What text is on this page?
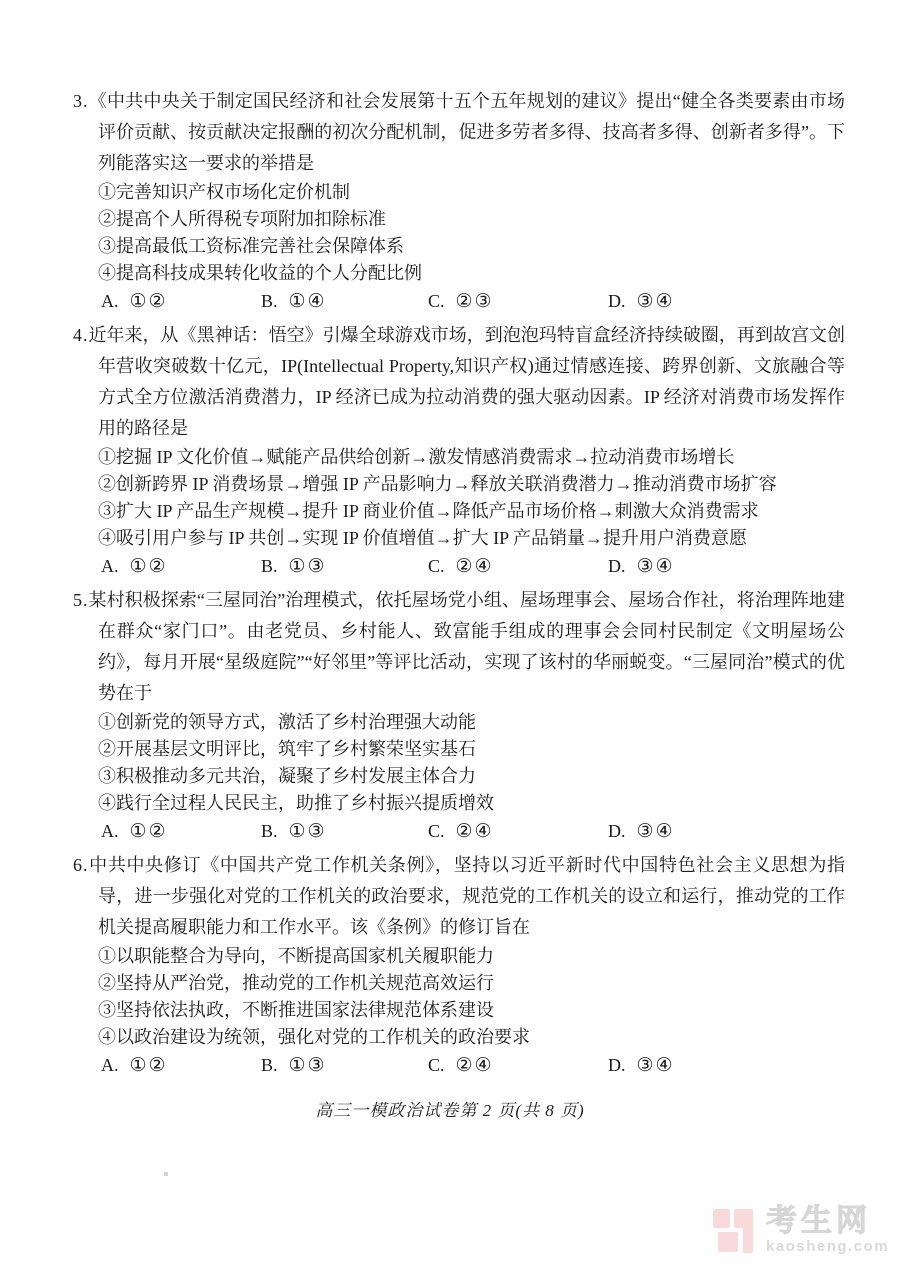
3.《中共中央关于制定国民经济和社会发展第十五个五年规划的建议》提出“健全各类要素由市场评价贡献、按贡献决定报酬的初次分配机制，促进多劳者多得、技高者多得、创新者多得”。下列能落实这一要求的举措是

①完善知识产权市场化定价机制

②提高个人所得税专项附加扣除标准

③提高最低工资标准完善社会保障体系

④提高科技成果转化收益的个人分配比例

A. ①②	B. ①④	C. ②③	D. ③④

4.近年来，从《黑神话：悟空》引爆全球游戏市场，到泡泡玛特盲盒经济持续破圈，再到故宫文创年营收突破数十亿元，IP(Intellectual Property,知识产权)通过情感连接、跨界创新、文旅融合等方式全方位激活消费潜力，IP 经济已成为拉动消费的强大驱动因素。IP 经济对消费市场发挥作用的路径是

①挖掘 IP 文化价值→赋能产品供给创新→激发情感消费需求→拉动消费市场增长

②创新跨界 IP 消费场景→增强 IP 产品影响力→释放关联消费潜力→推动消费市场扩容

③扩大 IP 产品生产规模→提升 IP 商业价值→降低产品市场价格→刺激大众消费需求

④吸引用户参与 IP 共创→实现 IP 价值增值→扩大 IP 产品销量→提升用户消费意愿

A. ①②	B. ①③	C. ②④	D. ③④

5.某村积极探索“三屋同治”治理模式，依托屋场党小组、屋场理事会、屋场合作社，将治理阵地建在群众“家门口”。由老党员、乡村能人、致富能手组成的理事会会同村民制定《文明屋场公约》，每月开展“星级庭院”“好邻里”等评比活动，实现了该村的华丽蜕变。“三屋同治”模式的优势在于

①创新党的领导方式，激活了乡村治理强大动能

②开展基层文明评比，筑牢了乡村繁荣坚实基石

③积极推动多元共治，凝聚了乡村发展主体合力

④践行全过程人民民主，助推了乡村振兴提质增效

A. ①②	B. ①③	C. ②④	D. ③④

6.中共中央修订《中国共产党工作机关条例》，坚持以习近平新时代中国特色社会主义思想为指导，进一步强化对党的工作机关的政治要求，规范党的工作机关的设立和运行，推动党的工作机关提高履职能力和工作水平。该《条例》的修订旨在

①以职能整合为导向，不断提高国家机关履职能力

②坚持从严治党，推动党的工作机关规范高效运行

③坚持依法执政，不断推进国家法律规范体系建设

④以政治建设为统领，强化对党的工作机关的政治要求

A. ①②	B. ①③	C. ②④	D. ③④
高三一模政治试卷第 2 页(共 8 页)
考生网
kaosheng.com
